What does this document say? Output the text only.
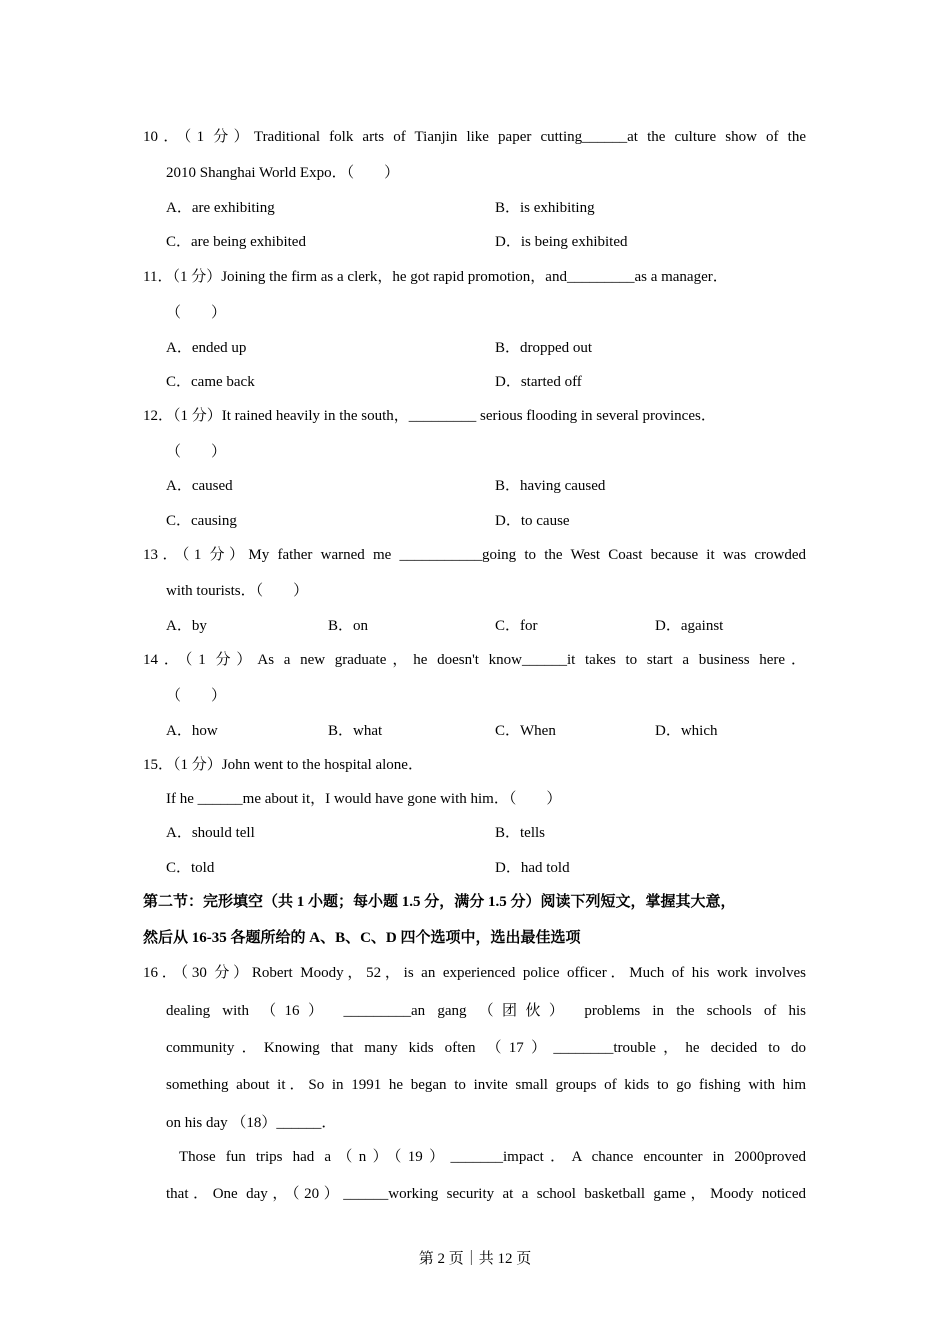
10．（1 分）Traditional folk arts of Tianjin like paper cutting______at the culture show of the
2010 Shanghai World Expo．（　　）
A．are exhibiting	B．is exhibiting
C．are being exhibited	D．is being exhibited
11．（1 分）Joining the firm as a clerk，he got rapid promotion，and_________as a manager．
（　　）
A．ended up	B．dropped out
C．came back	D．started off
12．（1 分）It rained heavily in the south，_________ serious flooding in several provinces．
（　　）
A．caused	B．having caused
C．causing	D．to cause
13．（1 分）My father warned me ___________going to the West Coast because it was crowded
with tourists．（　　）
A．by	B．on	C．for	D．against
14．（1 分）As a new graduate，he doesn't know______it takes to start a business here．
（　　）
A．how	B．what	C．When	D．which
15．（1 分）John went to the hospital alone．
If he ______me about it，I would have gone with him．（　　）
A．should tell	B．tells
C．told	D．had told
第二节：完形填空（共 1 小题；每小题 1.5 分，满分 1.5 分）阅读下列短文，掌握其大意，
然后从 16-35 各题所给的 A、B、C、D 四个选项中，选出最佳选项
16．（30 分）Robert Moody，52，is an experienced police officer．Much of his work involves
dealing with （16） _________an gang （团伙） problems in the schools of his
community．Knowing that many kids often （17）________trouble，he decided to do
something about it．So in 1991 he began to invite small groups of kids to go fishing with him
on his day （18）______．
Those fun trips had a（n）（19）_______impact．A chance encounter in 2000proved
that．One day，（20）______working security at a school basketball game，Moody noticed
第 2 页｜共 12 页
